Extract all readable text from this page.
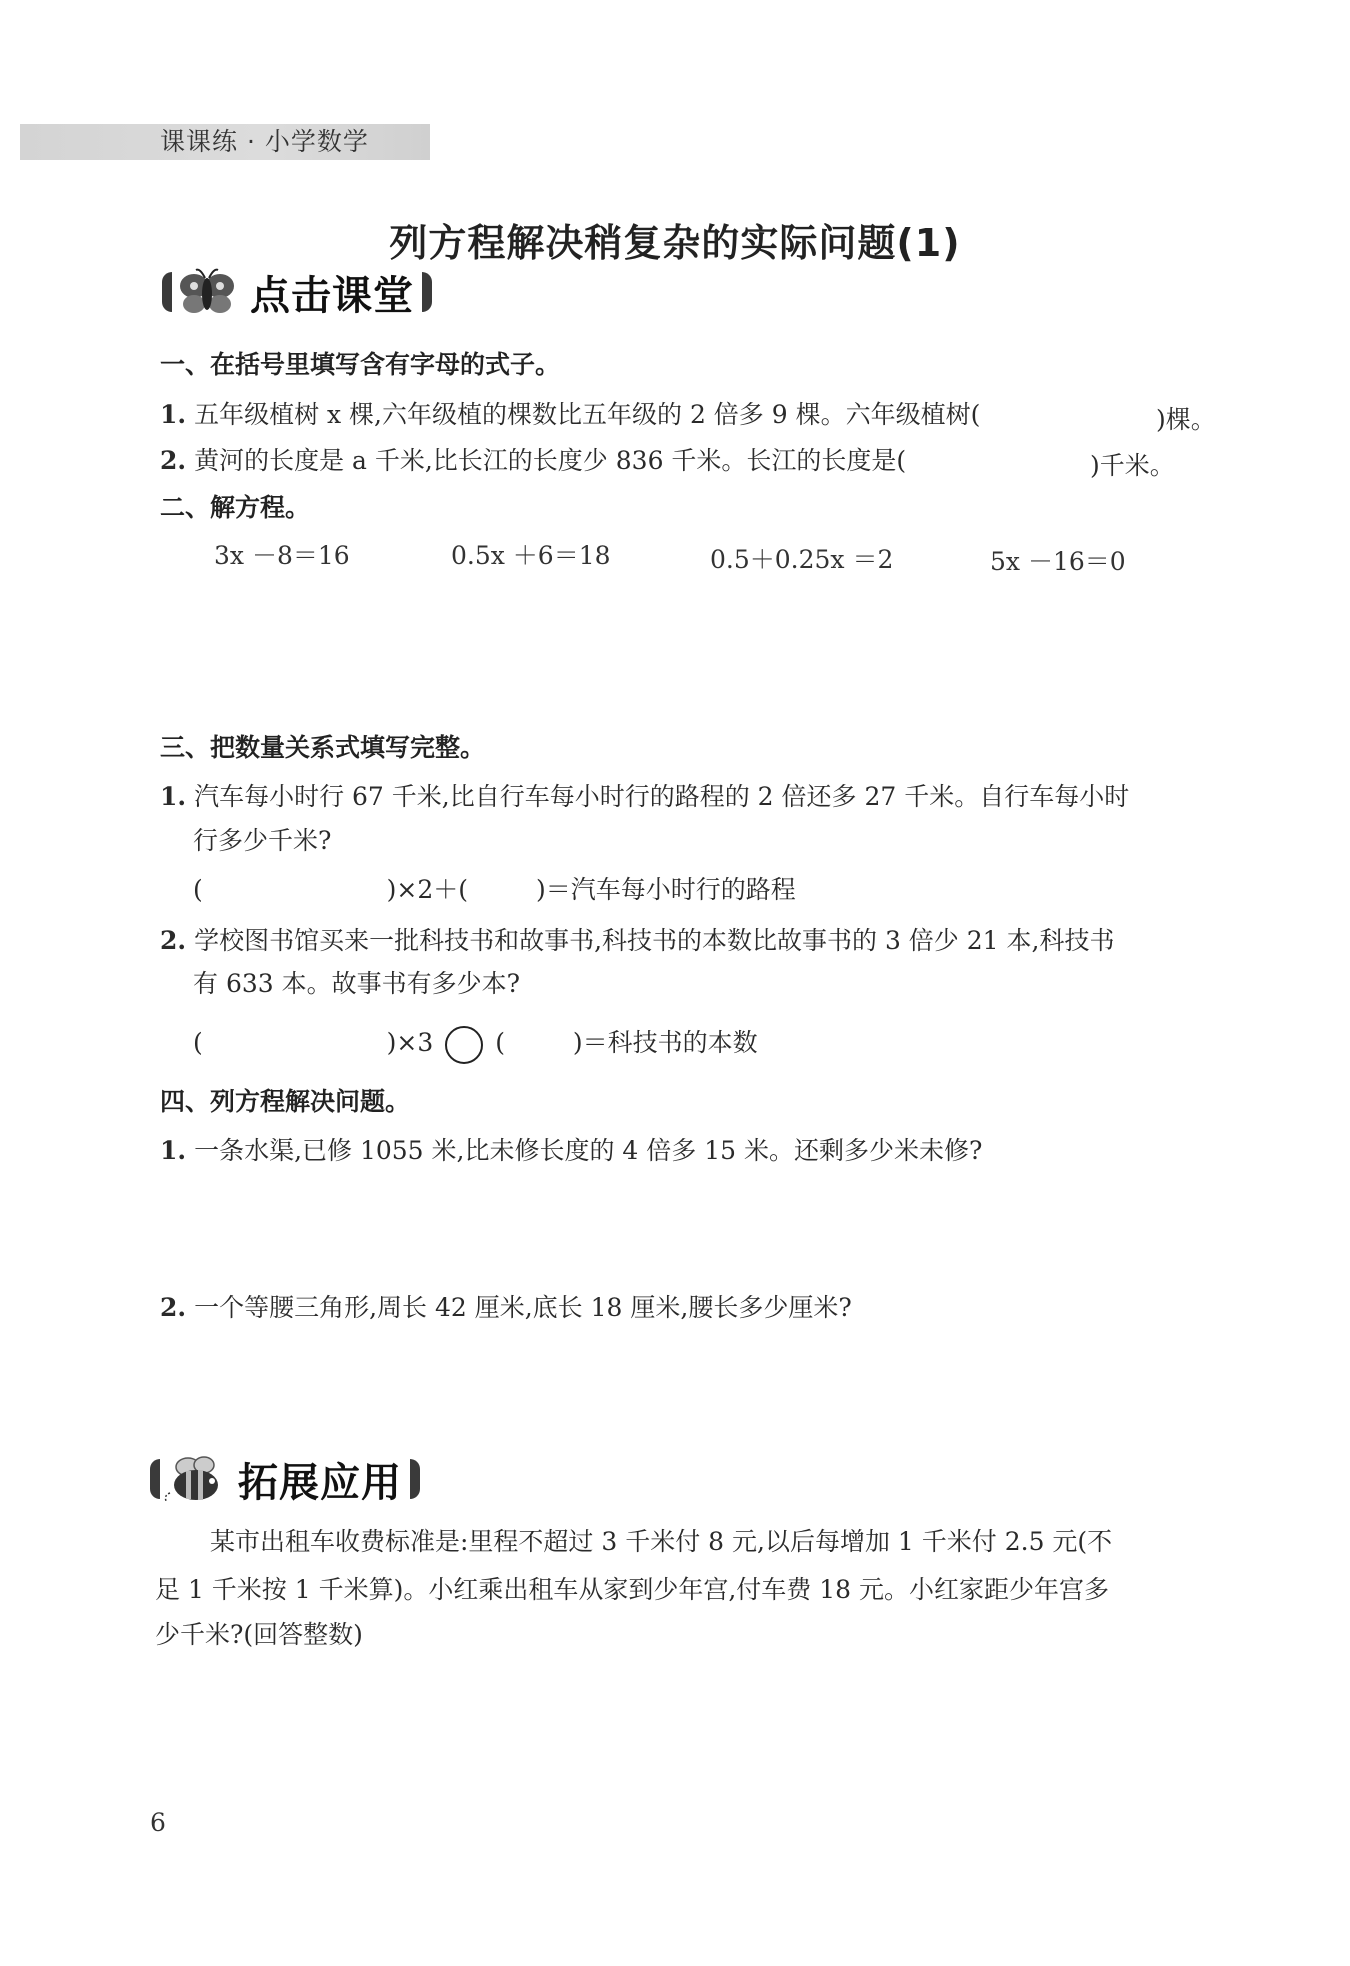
课课练 · 小学数学
列方程解决稍复杂的实际问题(1)
点击课堂
一、在括号里填写含有字母的式子。
1. 五年级植树 x 棵,六年级植的棵数比五年级的 2 倍多 9 棵。六年级植树(	)棵。
2. 黄河的长度是 a 千米,比长江的长度少 836 千米。长江的长度是(	)千米。
二、解方程。
3x －8＝16	0.5x ＋6＝18	0.5＋0.25x ＝2	5x －16＝0
三、把数量关系式填写完整。
1. 汽车每小时行 67 千米,比自行车每小时行的路程的 2 倍还多 27 千米。自行车每小时
行多少千米?
(	)×2＋(	)＝汽车每小时行的路程
2. 学校图书馆买来一批科技书和故事书,科技书的本数比故事书的 3 倍少 21 本,科技书
有 633 本。故事书有多少本?
(	)×3 (	)＝科技书的本数
四、列方程解决问题。
1. 一条水渠,已修 1055 米,比未修长度的 4 倍多 15 米。还剩多少米未修?
2. 一个等腰三角形,周长 42 厘米,底长 18 厘米,腰长多少厘米?
拓展应用
某市出租车收费标准是:里程不超过 3 千米付 8 元,以后每增加 1 千米付 2.5 元(不
足 1 千米按 1 千米算)。小红乘出租车从家到少年宫,付车费 18 元。小红家距少年宫多
少千米?(回答整数)
6
